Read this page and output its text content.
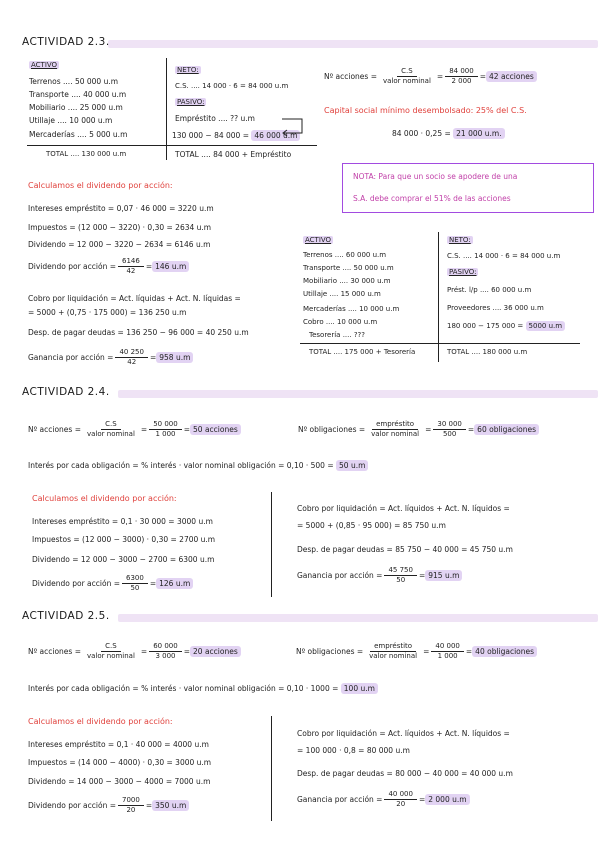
ACTIVIDAD 2.3.
ACTIVO
Terrenos .... 50 000 u.m
Transporte .... 40 000 u.m
Mobiliario .... 25 000 u.m
Utillaje .... 10 000 u.m
Mercaderías .... 5 000 u.m
TOTAL .... 130 000 u.m
NETO:
C.S. .... 14 000 · 6 = 84 000 u.m
PASIVO:
Empréstito .... ?? u.m
130 000 − 84 000 = 46 000 u.m
TOTAL .... 84 000 + Empréstito
Nº acciones = $\frac{C.S}{\text{valor nominal}} = \frac{84 000}{2 000} = 42$ acciones
Capital social mínimo desembolsado: 25% del C.S.
84 000 · 0,25 = 21 000 u.m.
NOTA: Para que un socio se apodere de una
S.A. debe comprar el 51% de las acciones
Calculamos el dividendo por acción:
Intereses empréstito = 0,07 · 46 000 = 3220 u.m
Impuestos = (12 000 − 3220) · 0,30 = 2634 u.m
Dividendo = 12 000 − 3220 − 2634 = 6146 u.m
Dividendo por acción = $\frac{6146}{42} = 146$ u.m
Cobro por liquidación = Act. líquidas + Act. N. líquidas =
= 5000 + (0,75 · 175 000) = 136 250 u.m
Desp. de pagar deudas = 136 250 − 96 000 = 40 250 u.m
Ganancia por acción = $\frac{40 250}{42} = 958$ u.m
ACTIVO
Terrenos .... 60 000 u.m
Transporte .... 50 000 u.m
Mobiliario .... 30 000 u.m
Utillaje .... 15 000 u.m
Mercaderías .... 10 000 u.m
Cobro .... 10 000 u.m
Tesorería .... ???
TOTAL .... 175 000 + Tesorería
NETO:
C.S. .... 14 000 · 6 = 84 000 u.m
PASIVO:
Prést. l/p .... 60 000 u.m
Proveedores .... 36 000 u.m
180 000 − 175 000 = 5000 u.m
TOTAL .... 180 000 u.m
ACTIVIDAD 2.4.
Nº acciones = $\frac{C.S}{\text{valor nominal}} = \frac{50 000}{1 000} = 50$ acciones	Nº obligaciones = $\frac{\text{empréstito}}{\text{valor nominal}} = \frac{30 000}{500} = 60$ obligaciones
Interés por cada obligación = % interés · valor nominal obligación = 0,10 · 500 = 50 u.m
Calculamos el dividendo por acción:
Intereses empréstito = 0,1 · 30 000 = 3000 u.m
Impuestos = (12 000 − 3000) · 0,30 = 2700 u.m
Dividendo = 12 000 − 3000 − 2700 = 6300 u.m
Dividendo por acción = $\frac{6300}{50} = 126$ u.m
Cobro por liquidación = Act. líquidos + Act. N. líquidos =
= 5000 + (0,85 · 95 000) = 85 750 u.m
Desp. de pagar deudas = 85 750 − 40 000 = 45 750 u.m
Ganancia por acción = $\frac{45 750}{50} = 915$ u.m
ACTIVIDAD 2.5.
Nº acciones = $\frac{C.S}{\text{valor nominal}} = \frac{60 000}{3 000} = 20$ acciones	Nº obligaciones = $\frac{\text{empréstito}}{\text{valor nominal}} = \frac{40 000}{1 000} = 40$ obligaciones
Interés por cada obligación = % interés · valor nominal obligación = 0,10 · 1000 = 100 u.m
Calculamos el dividendo por acción:
Intereses empréstito = 0,1 · 40 000 = 4000 u.m
Impuestos = (14 000 − 4000) · 0,30 = 3000 u.m
Dividendo = 14 000 − 3000 − 4000 = 7000 u.m
Dividendo por acción = $\frac{7000}{20} = 350$ u.m
Cobro por liquidación = Act. líquidos + Act. N. líquidos =
= 100 000 · 0,8 = 80 000 u.m
Desp. de pagar deudas = 80 000 − 40 000 = 40 000 u.m
Ganancia por acción = $\frac{40 000}{20} = 2$ 000 u.m
